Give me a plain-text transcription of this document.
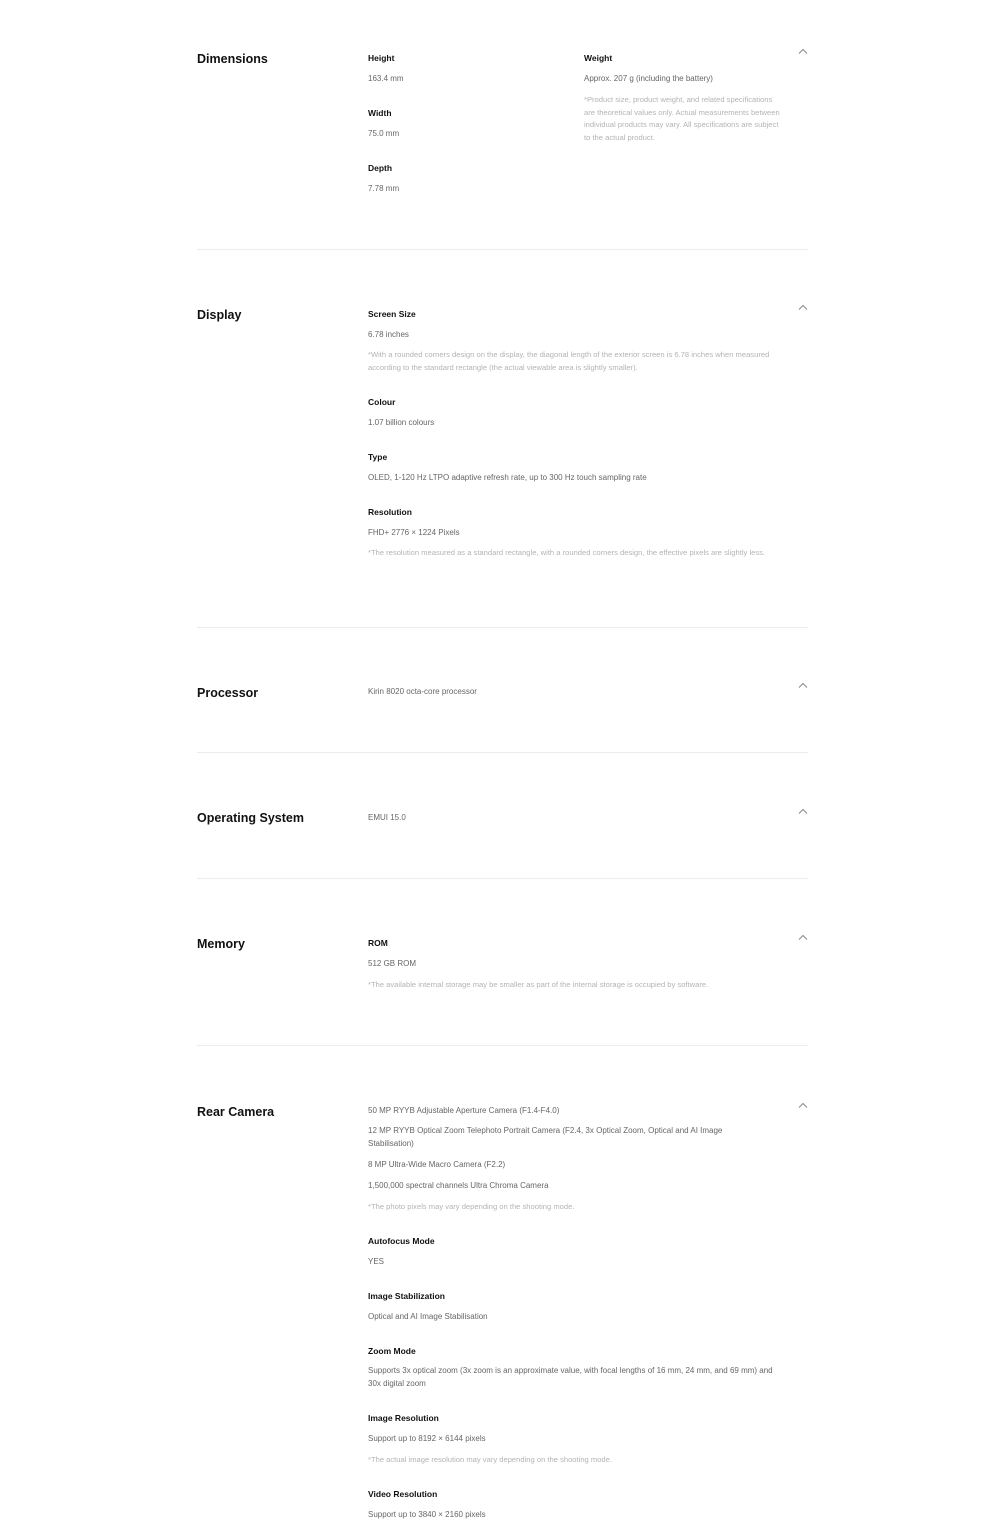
Dimensions	Height
163.4 mm
Width
75.0 mm
Depth
7.78 mm
Weight
Approx. 207 g (including the battery)
*Product size, product weight, and related specifications are theoretical values only. Actual measurements between individual products may vary. All specifications are subject to the actual product.
Display	Screen Size
6.78 inches
*With a rounded corners design on the display, the diagonal length of the exterior screen is 6.78 inches when measured according to the standard rectangle (the actual viewable area is slightly smaller).
Colour
1.07 billion colours
Type
OLED, 1-120 Hz LTPO adaptive refresh rate, up to 300 Hz touch sampling rate
Resolution
FHD+ 2776 × 1224 Pixels
*The resolution measured as a standard rectangle, with a rounded corners design, the effective pixels are slightly less.
Processor	Kirin 8020 octa-core processor
Operating System	EMUI 15.0
Memory	ROM
512 GB ROM
*The available internal storage may be smaller as part of the internal storage is occupied by software.
Rear Camera	50 MP RYYB Adjustable Aperture Camera (F1.4-F4.0)
12 MP RYYB Optical Zoom Telephoto Portrait Camera (F2.4, 3x Optical Zoom, Optical and AI Image Stabilisation)
8 MP Ultra-Wide Macro Camera (F2.2)
1,500,000 spectral channels Ultra Chroma Camera
*The photo pixels may vary depending on the shooting mode.
Autofocus Mode
YES
Image Stabilization
Optical and AI Image Stabilisation
Zoom Mode
Supports 3x optical zoom (3x zoom is an approximate value, with focal lengths of 16 mm, 24 mm, and 69 mm) and 30x digital zoom
Image Resolution
Support up to 8192 × 6144 pixels
*The actual image resolution may vary depending on the shooting mode.
Video Resolution
Support up to 3840 × 2160 pixels
